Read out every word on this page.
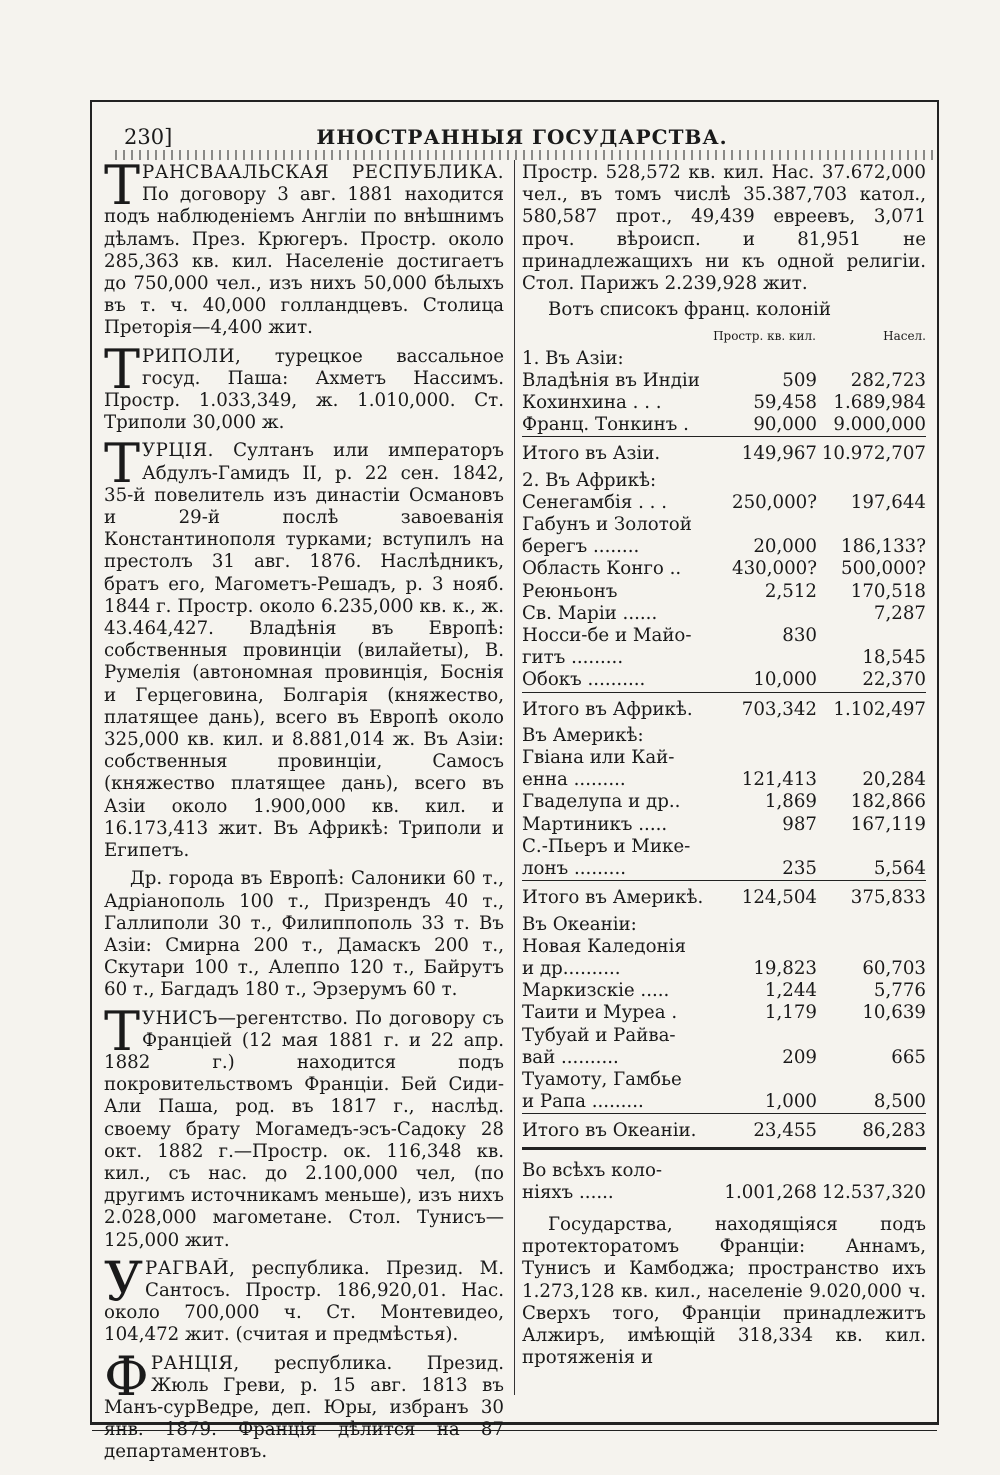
230]	ИНОСТРАННЫЯ ГОСУДАРСТВА.
Т РАНСВААЛЬСКАЯ РЕСПУБЛИКА. По договору 3 авг. 1881 находится подъ наблюденіемъ Англіи по внѣшнимъ дѣламъ. През. Крюгеръ. Простр. около 285,363 кв. кил. Населеніе достигаетъ до 750,000 чел., изъ нихъ 50,000 бѣлыхъ въ т. ч. 40,000 голландцевъ. Столица Преторія—4,400 жит.
Т РИПОЛИ, турецкое вассальное госуд. Паша: Ахметъ Нассимъ. Простр. 1.033,349, ж. 1.010,000. Ст. Триполи 30,000 ж.
Т УРЦІЯ. Султанъ или императоръ Абдулъ-Гамидъ II, р. 22 сен. 1842, 35-й повелитель изъ династіи Османовъ и 29-й послѣ завоеванія Константинополя турками; вступилъ на престолъ 31 авг. 1876. Наслѣдникъ, братъ его, Магометъ-Решадъ, р. 3 нояб. 1844 г. Простр. около 6.235,000 кв. к., ж. 43.464,427. Владѣнія въ Европѣ: собственныя провинціи (вилайеты), В. Румелія (автономная провинція, Боснія и Герцеговина, Болгарія (княжество, платящее дань), всего въ Европѣ около 325,000 кв. кил. и 8.881,014 ж. Въ Азіи: собственныя провинціи, Самосъ (княжество платящее дань), всего въ Азіи около 1.900,000 кв. кил. и 16.173,413 жит. Въ Африкѣ: Триполи и Египетъ.

Др. города въ Европѣ: Салоники 60 т., Адріанополь 100 т., Призрендъ 40 т., Галлиполи 30 т., Филиппополь 33 т. Въ Азіи: Смирна 200 т., Дамаскъ 200 т., Скутари 100 т., Алеппо 120 т., Байрутъ 60 т., Багдадъ 180 т., Эрзерумъ 60 т.

Т УНИСЪ—регентство. По договору съ Франціей (12 мая 1881 г. и 22 апр. 1882 г.) находится подъ покровительствомъ Франціи. Бей Сиди-Али Паша, род. въ 1817 г., наслѣд. своему брату Могамедъ-эсъ-Садоку 28 окт. 1882 г.—Простр. ок. 116,348 кв. кил., съ нас. до 2.100,000 чел, (по другимъ источникамъ меньше), изъ нихъ 2.028,000 магометане. Стол. Тунисъ—125,000 жит.
У РАГВАЙ, республика. Презид. М. Сантосъ. Простр. 186,920,01. Нас. около 700,000 ч. Ст. Монтевидео, 104,472 жит. (считая и предмѣстья).
Ф РАНЦІЯ, республика. Презид. Жюль Греви, р. 15 авг. 1813 въ Манъ-сурВедре, деп. Юры, избранъ 30 янв. 1879. Франція дѣлится на 87 департаментовъ.

Простр. 528,572 кв. кил. Нас. 37.672,000 чел., въ томъ числѣ 35.387,703 катол., 580,587 прот., 49,439 евреевъ, 3,071 проч. вѣроисп. и 81,951 не принадлежащихъ ни къ одной религіи. Стол. Парижъ 2.239,928 жит.

Вотъ списокъ франц. колоній

	Простр. кв. кил.	Насел.
1. Въ Азіи:		
Владѣнія въ Индіи	509	282,723
Кохинхина . . .	59,458	1.689,984
Франц. Тонкинъ .	90,000	9.000,000
Итого въ Азіи.	149,967	10.972,707
2. Въ Африкѣ:		
Сенегамбія . . .	250,000?	197,644
Габунъ и Золотой		
берегъ ........	20,000	186,133?
Область Конго ..	430,000?	500,000?
Реюньонъ	2,512	170,518
Св. Маріи ......		7,287
Носси-бе и Майо-	830	
гитъ .........		18,545
Обокъ ..........	10,000	22,370
Итого въ Африкѣ.	703,342	1.102,497
Въ Америкѣ:		
Гвіана или Кай-		
енна .........	121,413	20,284
Гваделупа и др..	1,869	182,866
Мартиникъ .....	987	167,119
С.-Пьеръ и Мике-		
лонъ .........	235	5,564
Итого въ Америкѣ.	124,504	375,833
Въ Океаніи:		
Новая Каледонія		
и др..........	19,823	60,703
Маркизскіе .....	1,244	5,776
Таити и Муреа .	1,179	10,639
Тубуай и Райва-		
вай ..........	209	665
Туамоту, Гамбье		
и Рапа .........	1,000	8,500
Итого въ Океаніи.	23,455	86,283
Во всѣхъ коло-		
ніяхъ ......	1.001,268	12.537,320

Государства, находящіяся подъ протекторатомъ Франціи: Аннамъ, Тунисъ и Камбоджа; пространство ихъ 1.273,128 кв. кил., населеніе 9.020,000 ч. Сверхъ того, Франціи принадлежитъ Алжиръ, имѣющій 318,334 кв. кил. протяженія и
